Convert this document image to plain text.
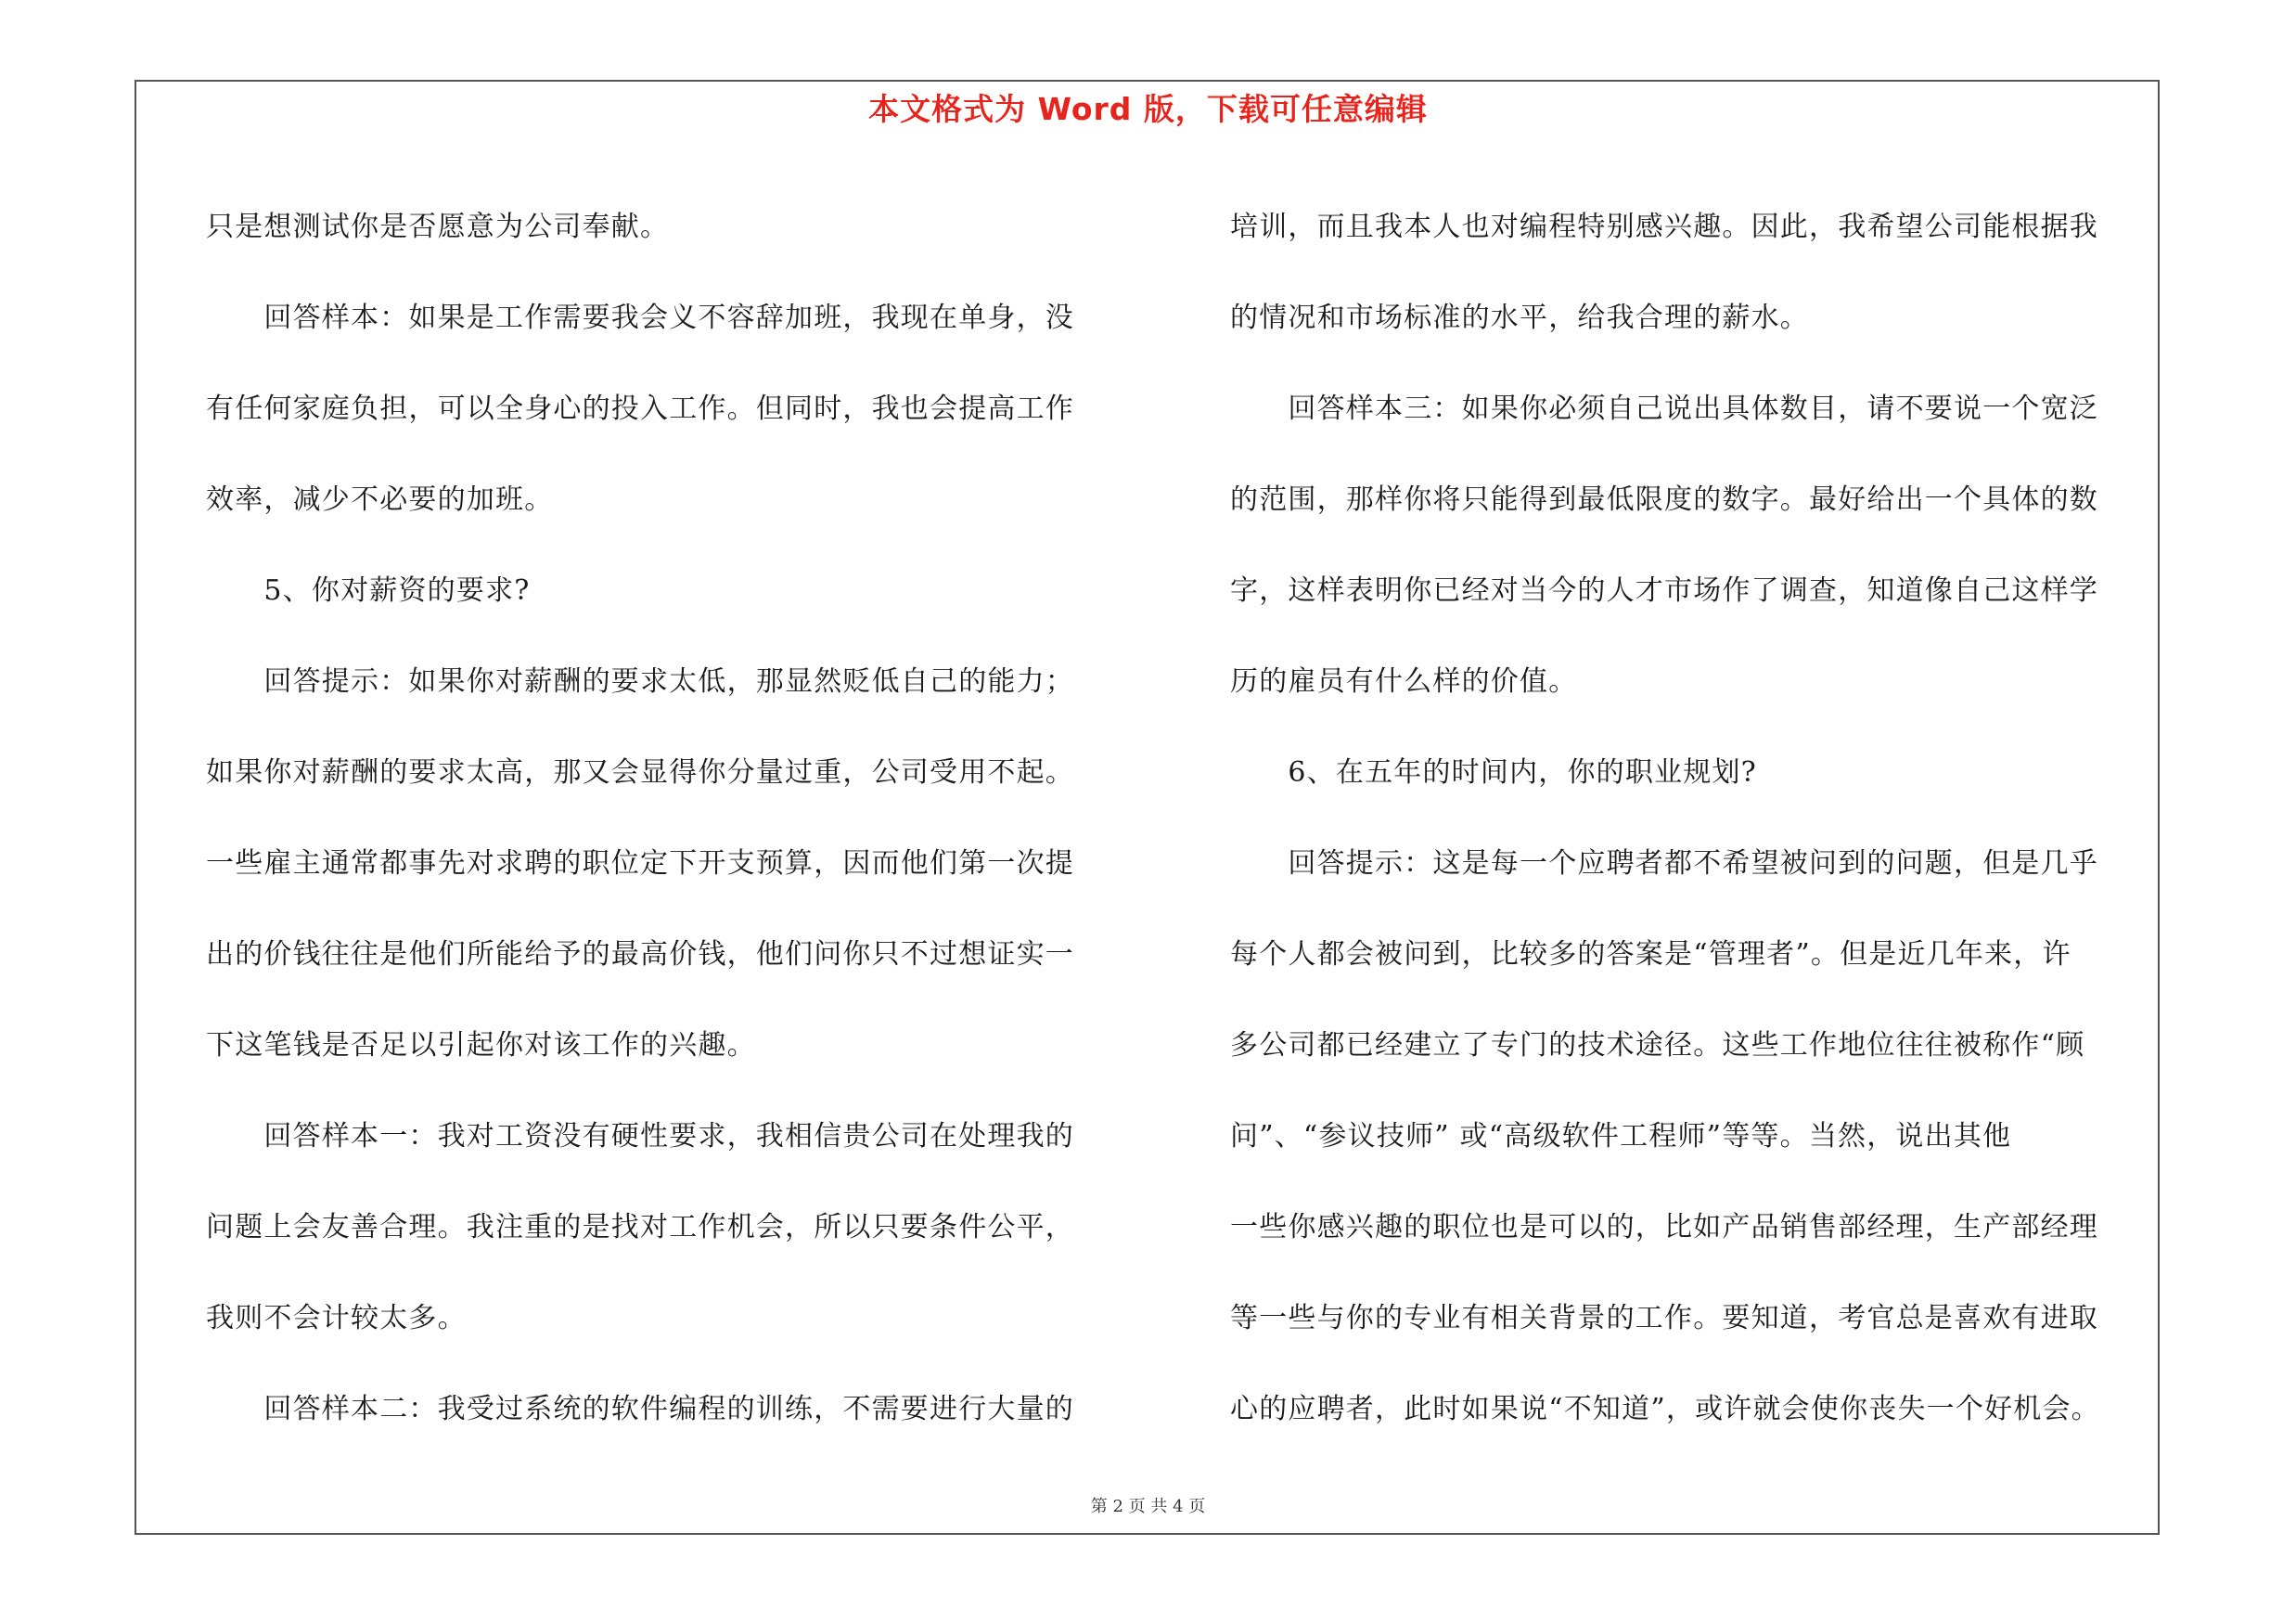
本文格式为 Word 版，下载可任意编辑
只是想测试你是否愿意为公司奉献。
　　回答样本：如果是工作需要我会义不容辞加班，我现在单身，没
有任何家庭负担，可以全身心的投入工作。但同时，我也会提高工作
效率，减少不必要的加班。
　　5、你对薪资的要求?
　　回答提示：如果你对薪酬的要求太低，那显然贬低自己的能力；
如果你对薪酬的要求太高，那又会显得你分量过重，公司受用不起。
一些雇主通常都事先对求聘的职位定下开支预算，因而他们第一次提
出的价钱往往是他们所能给予的最高价钱，他们问你只不过想证实一
下这笔钱是否足以引起你对该工作的兴趣。
　　回答样本一：我对工资没有硬性要求，我相信贵公司在处理我的
问题上会友善合理。我注重的是找对工作机会，所以只要条件公平，
我则不会计较太多。
　　回答样本二：我受过系统的软件编程的训练，不需要进行大量的
培训，而且我本人也对编程特别感兴趣。因此，我希望公司能根据我
的情况和市场标准的水平，给我合理的薪水。
　　回答样本三：如果你必须自己说出具体数目，请不要说一个宽泛
的范围，那样你将只能得到最低限度的数字。最好给出一个具体的数
字，这样表明你已经对当今的人才市场作了调查，知道像自己这样学
历的雇员有什么样的价值。
　　6、在五年的时间内，你的职业规划?
　　回答提示：这是每一个应聘者都不希望被问到的问题，但是几乎
每个人都会被问到，比较多的答案是“管理者”。但是近几年来，许
多公司都已经建立了专门的技术途径。这些工作地位往往被称作“顾
问”、“参议技师” 或“高级软件工程师”等等。当然，说出其他
一些你感兴趣的职位也是可以的，比如产品销售部经理，生产部经理
等一些与你的专业有相关背景的工作。要知道，考官总是喜欢有进取
心的应聘者，此时如果说“不知道”，或许就会使你丧失一个好机会。
第 2 页 共 4 页
